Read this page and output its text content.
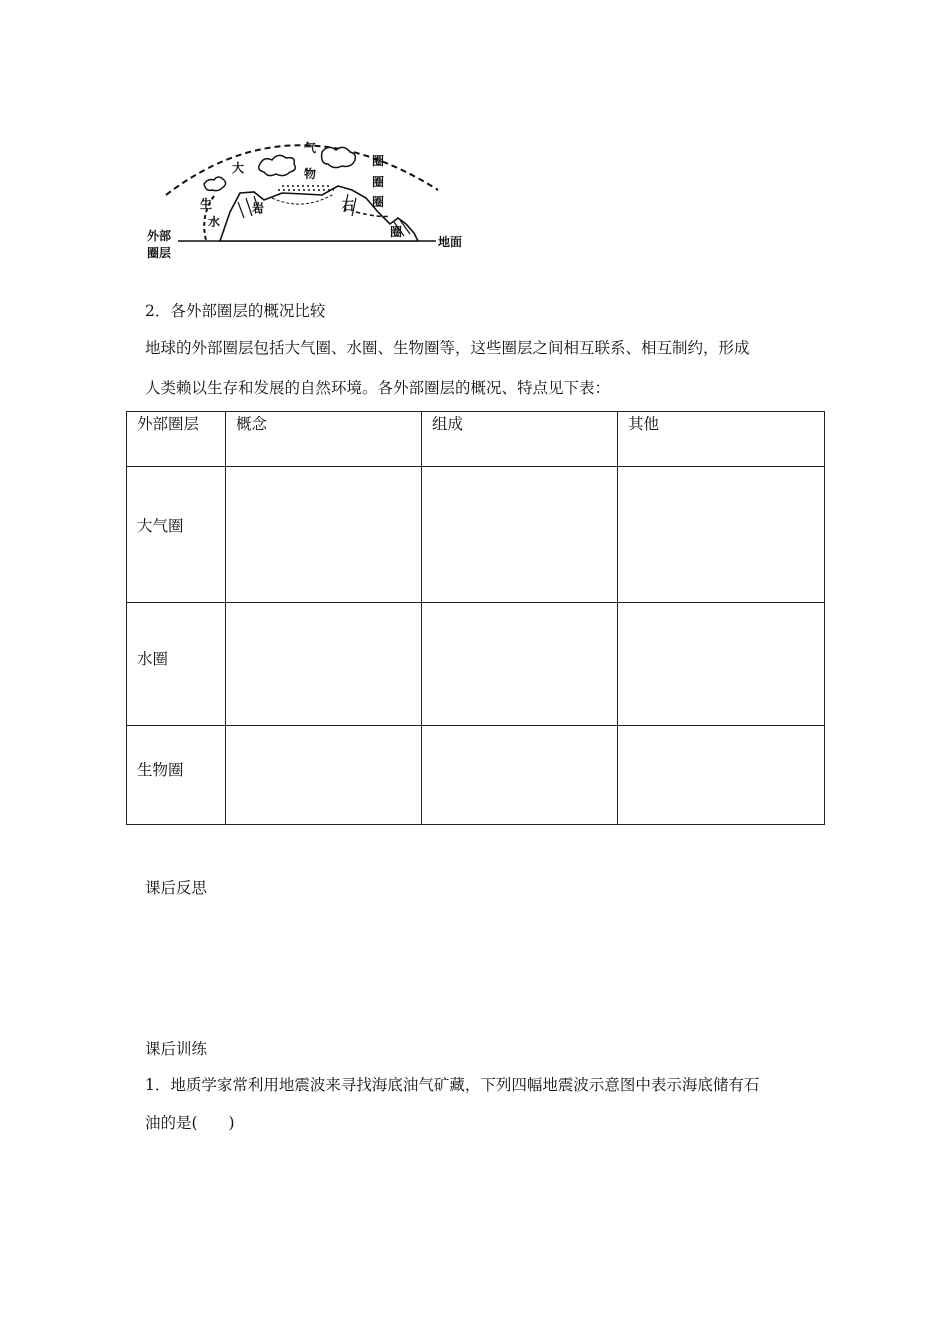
大
气
物
圈
圈
圈
生
水
岩	石
圈
外部
圈层
地面
2．各外部圈层的概况比较
地球的外部圈层包括大气圈、水圈、生物圈等，这些圈层之间相互联系、相互制约，形成
人类赖以生存和发展的自然环境。各外部圈层的概况、特点见下表：
外部圈层	概念	组成	其他
大气圈			
水圈			
生物圈			
课后反思
课后训练
1．地质学家常利用地震波来寻找海底油气矿藏，下列四幅地震波示意图中表示海底储有石
油的是(　　)
